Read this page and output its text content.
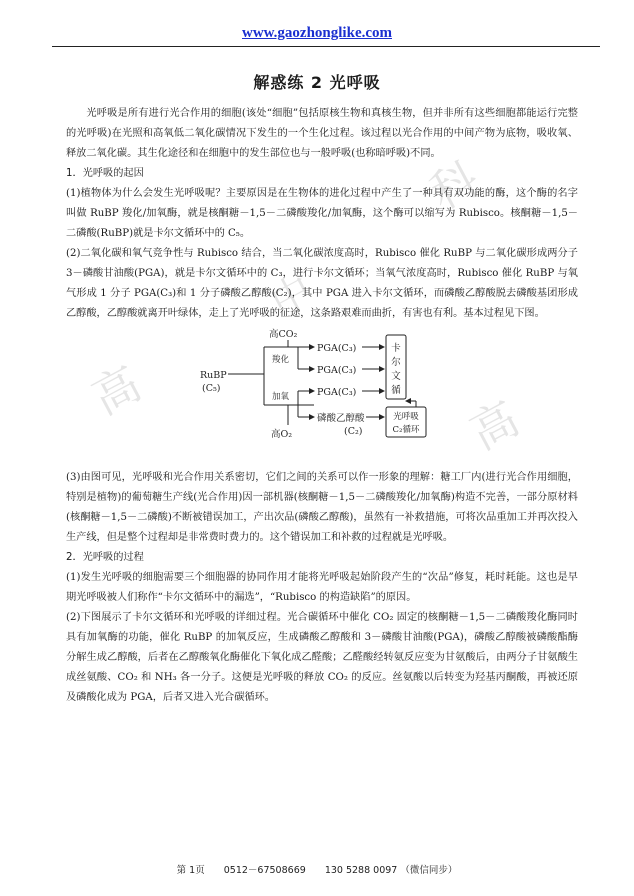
www.gaozhonglike.com
高
中
科
高
解惑练 2 光呼吸

光呼吸是所有进行光合作用的细胞(该处“细胞”包括原核生物和真核生物，但并非所有这些细胞都能运行完整的光呼吸)在光照和高氧低二氧化碳情况下发生的一个生化过程。该过程以光合作用的中间产物为底物，吸收氧、释放二氧化碳。其生化途径和在细胞中的发生部位也与一般呼吸(也称暗呼吸)不同。

1．光呼吸的起因

(1)植物体为什么会发生光呼吸呢？主要原因是在生物体的进化过程中产生了一种具有双功能的酶，这个酶的名字叫做 RuBP 羧化/加氧酶，就是核酮糖－1,5－二磷酸羧化/加氧酶，这个酶可以缩写为 Rubisco。核酮糖－1,5－二磷酸(RuBP)就是卡尔文循环中的 C₅。

(2)二氧化碳和氧气竞争性与 Rubisco 结合，当二氧化碳浓度高时，Rubisco 催化 RuBP 与二氧化碳形成两分子 3－磷酸甘油酸(PGA)，就是卡尔文循环中的 C₃，进行卡尔文循环；当氧气浓度高时，Rubisco 催化 RuBP 与氧气形成 1 分子 PGA(C₃)和 1 分子磷酸乙醇酸(C₂)，其中 PGA 进入卡尔文循环，而磷酸乙醇酸脱去磷酸基团形成乙醇酸，乙醇酸就离开叶绿体，走上了光呼吸的征途，这条路艰难而曲折，有害也有利。基本过程见下图。

RuBP
(C₅)
高CO₂
羧化
PGA(C₃)
PGA(C₃)
加氧
高O₂
PGA(C₃)
磷酸乙醇酸
(C₂)
卡
尔
文
循
光呼吸
C₂循环

(3)由图可见，光呼吸和光合作用关系密切，它们之间的关系可以作一形象的理解：糖工厂内(进行光合作用细胞，特别是植物)的葡萄糖生产线(光合作用)因一部机器(核酮糖－1,5－二磷酸羧化/加氧酶)构造不完善，一部分原材料(核酮糖－1,5－二磷酸)不断被错误加工，产出次品(磷酸乙醇酸)，虽然有一补救措施，可将次品重加工并再次投入生产线，但是整个过程却是非常费时费力的。这个错误加工和补救的过程就是光呼吸。

2．光呼吸的过程

(1)发生光呼吸的细胞需要三个细胞器的协同作用才能将光呼吸起始阶段产生的“次品”修复，耗时耗能。这也是早期光呼吸被人们称作“卡尔文循环中的漏选”，“Rubisco 的构造缺陷”的原因。

(2)下图展示了卡尔文循环和光呼吸的详细过程。光合碳循环中催化 CO₂ 固定的核酮糖－1,5－二磷酸羧化酶同时具有加氧酶的功能，催化 RuBP 的加氧反应，生成磷酸乙醇酸和 3－磷酸甘油酸(PGA)，磷酸乙醇酸被磷酸酯酶分解生成乙醇酸，后者在乙醇酸氧化酶催化下氧化成乙醛酸；乙醛酸经转氨反应变为甘氨酸后，由两分子甘氨酸生成丝氨酸、CO₂ 和 NH₃ 各一分子。这便是光呼吸的释放 CO₂ 的反应。丝氨酸以后转变为羟基丙酮酸，再被还原及磷酸化成为 PGA，后者又进入光合碳循环。

第 1页 0512－67508669 130 5288 0097 （微信同步）
